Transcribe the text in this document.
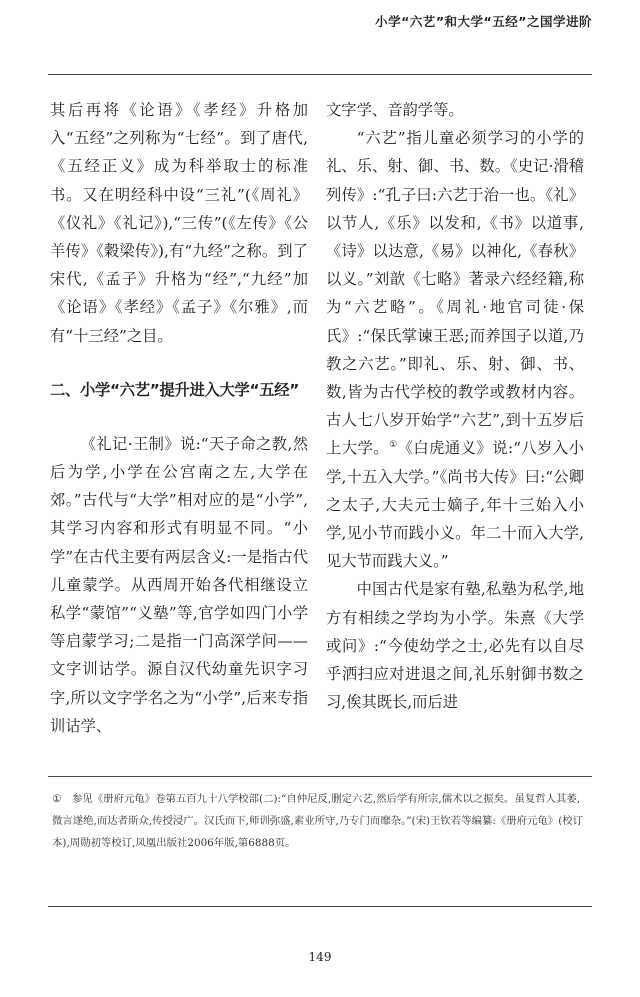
小学“六艺”和大学“五经”之国学进阶

其后再将《论语》《孝经》升格加入“五经”之列称为“七经”。到了唐代,《五经正义》成为科举取士的标准书。又在明经科中设“三礼”(《周礼》《仪礼》《礼记》),“三传”(《左传》《公羊传》《穀梁传》),有“九经”之称。到了宋代,《孟子》升格为“经”,“九经”加《论语》《孝经》《孟子》《尔雅》,而有“十三经”之目。

二、小学“六艺”提升进入大学“五经”

《礼记·王制》说:“天子命之教,然后为学,小学在公宫南之左,大学在郊。”古代与“大学”相对应的是“小学”,其学习内容和形式有明显不同。“小学”在古代主要有两层含义:一是指古代儿童蒙学。从西周开始各代相继设立私学“蒙馆”“义塾”等,官学如四门小学等启蒙学习;二是指一门高深学问——文字训诂学。源自汉代幼童先识字习字,所以文字学名之为“小学”,后来专指训诂学、

文字学、音韵学等。

“六艺”指儿童必须学习的小学的礼、乐、射、御、书、数。《史记·滑稽列传》:“孔子曰:六艺于治一也。《礼》以节人,《乐》以发和,《书》以道事,《诗》以达意,《易》以神化,《春秋》以义。”刘歆《七略》著录六经经籍,称为“六艺略”。《周礼·地官司徒·保氏》:“保氏掌谏王恶;而养国子以道,乃教之六艺。”即礼、乐、射、御、书、数,皆为古代学校的教学或教材内容。古人七八岁开始学“六艺”,到十五岁后上大学。①《白虎通义》说:“八岁入小学,十五入大学。”《尚书大传》曰:“公卿之太子,大夫元士嫡子,年十三始入小学,见小节而践小义。年二十而入大学,见大节而践大义。”

中国古代是家有塾,私塾为私学,地方有相续之学均为小学。朱熹《大学或问》:“今使幼学之士,必先有以自尽乎洒扫应对进退之间,礼乐射御书数之习,俟其既长,而后进

① 参见《册府元龟》卷第五百九十八学校部(二):“自仲尼反,删定六艺,然后学有所宗,儒术以之振矣。虽复哲人其萎,微言遂绝,而达者斯众,传授浸广。汉氏而下,师训弥盛,素业所守,乃专门而靡杂。”(宋)王钦若等编纂:《册府元龟》(校订本),周勋初等校订,凤凰出版社2006年版,第6888页。
149
